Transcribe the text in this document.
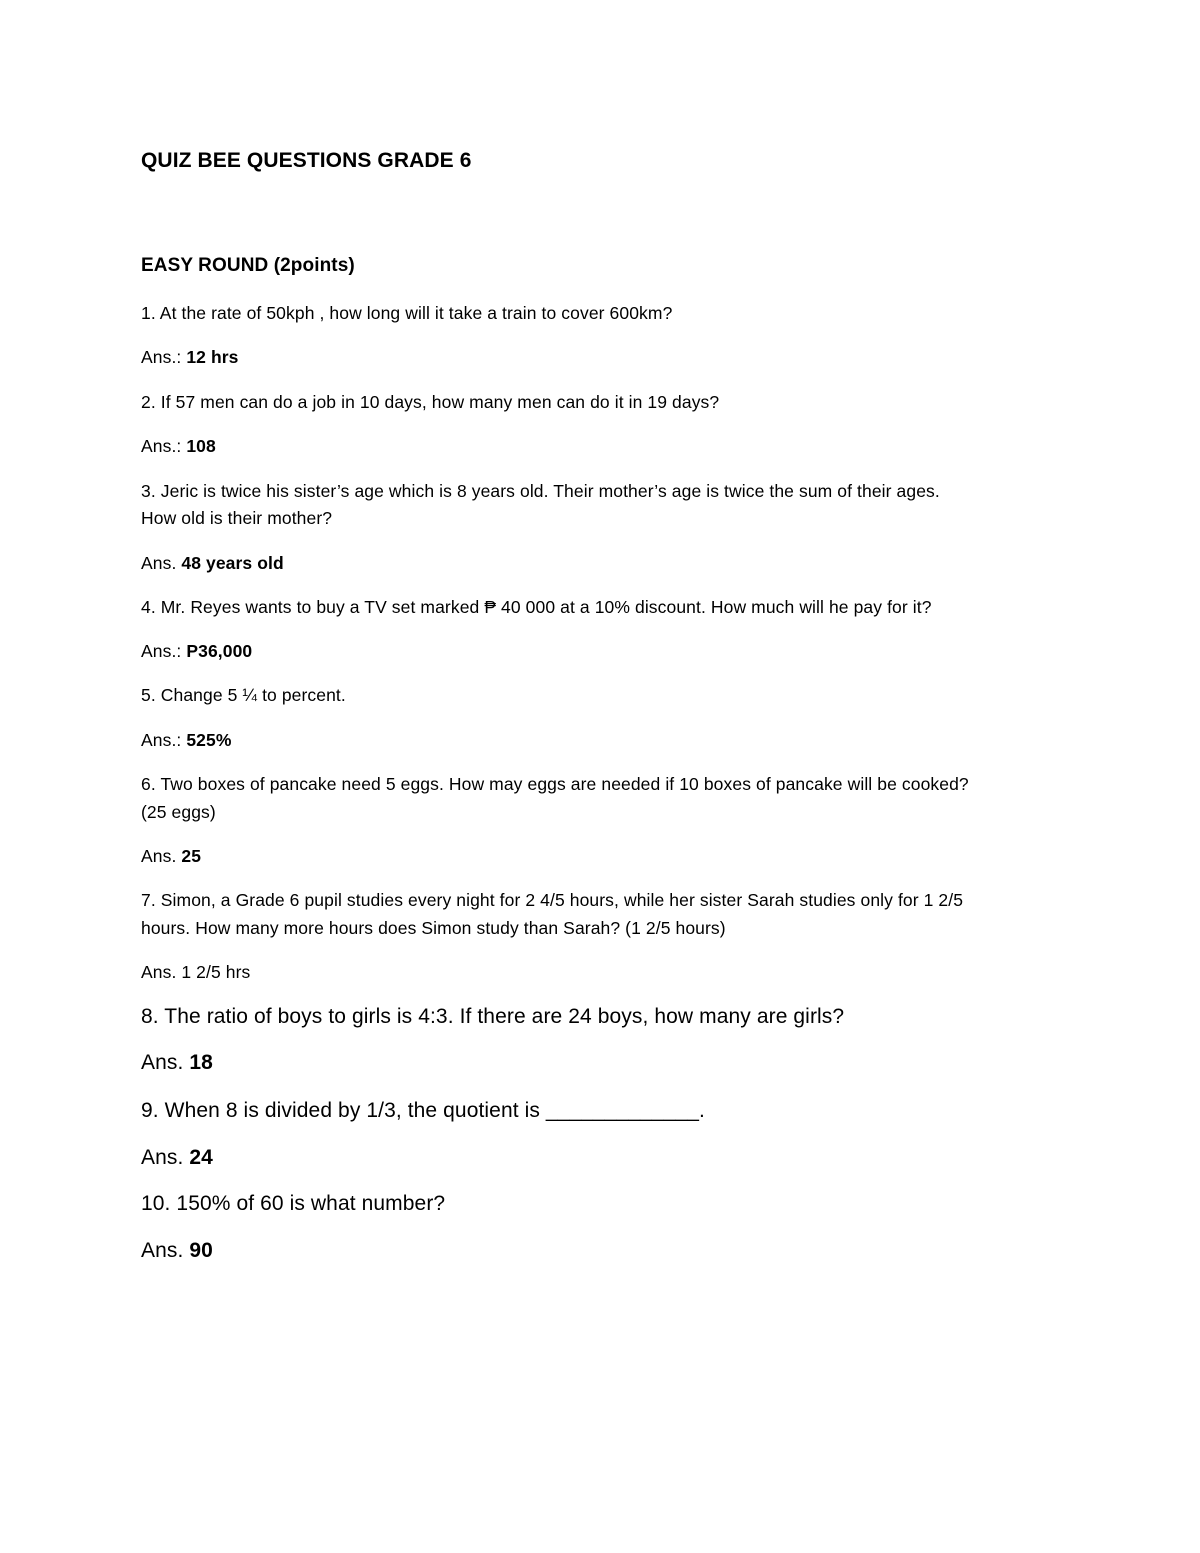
QUIZ BEE QUESTIONS GRADE 6
EASY ROUND (2points)
1. At the rate of 50kph , how long will it take a train to cover 600km?
Ans.: 12 hrs
2. If 57 men can do a job in 10 days, how many men can do it in 19 days?
Ans.: 108
3. Jeric is twice his sister’s age which is 8 years old. Their mother’s age is twice the sum of their ages.
How old is their mother?
Ans. 48 years old
4. Mr. Reyes wants to buy a TV set marked ₱ 40 000 at a 10% discount. How much will he pay for it?
Ans.: P36,000
5. Change 5 ¼ to percent.
Ans.: 525%
6. Two boxes of pancake need 5 eggs. How may eggs are needed if 10 boxes of pancake will be cooked?
(25 eggs)
Ans. 25
7. Simon, a Grade 6 pupil studies every night for 2 4/5 hours, while her sister Sarah studies only for 1 2/5
hours. How many more hours does Simon study than Sarah? (1 2/5 hours)
Ans. 1 2/5 hrs
8. The ratio of boys to girls is 4:3. If there are 24 boys, how many are girls?
Ans. 18
9. When 8 is divided by 1/3, the quotient is _____________.
Ans. 24
10. 150% of 60 is what number?
Ans. 90
